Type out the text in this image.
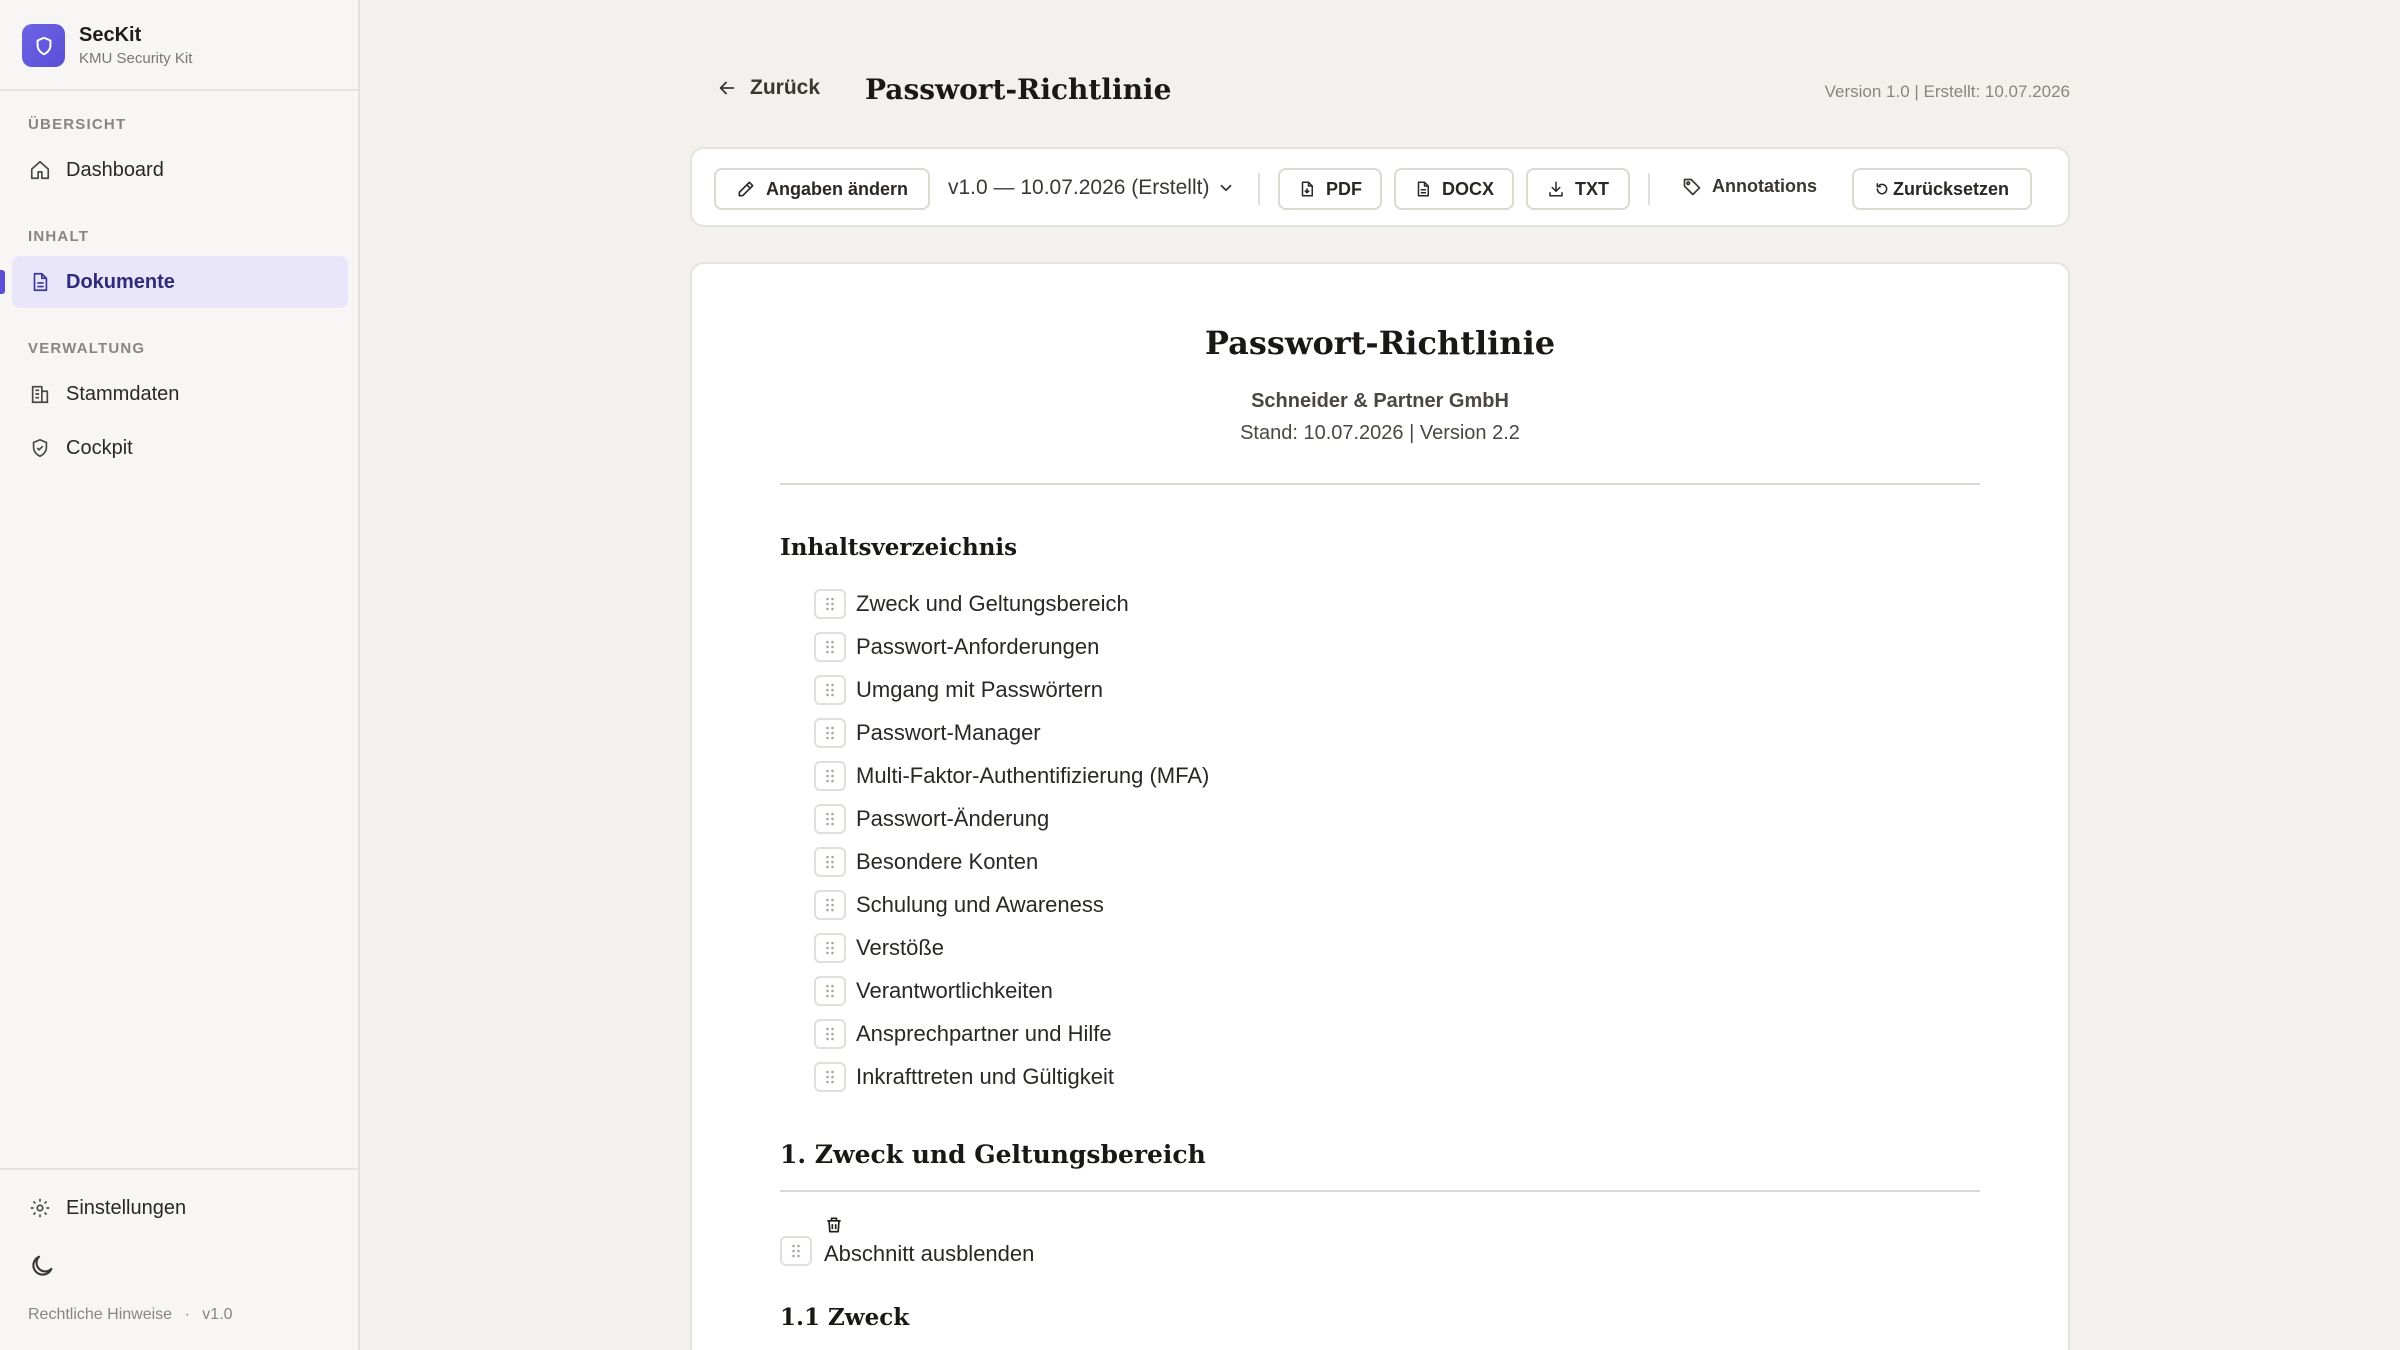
SecKit
KMU Security Kit
ÜBERSICHT
Dashboard
INHALT
Dokumente
VERWALTUNG
Stammdaten
Cockpit
Einstellungen
Rechtliche Hinweise · v1.0
Zurück Passwort-Richtlinie	Version 1.0 | Erstellt: 10.07.2026
Angaben ändern v1.0 — 10.07.2026 (Erstellt)	PDF	DOCX	TXT	Annotations	Zurücksetzen
Passwort-Richtlinie
Schneider & Partner GmbH
Stand: 10.07.2026 | Version 2.2
Inhaltsverzeichnis
Zweck und Geltungsbereich
Passwort-Anforderungen
Umgang mit Passwörtern
Passwort-Manager
Multi-Faktor-Authentifizierung (MFA)
Passwort-Änderung
Besondere Konten
Schulung und Awareness
Verstöße
Verantwortlichkeiten
Ansprechpartner und Hilfe
Inkrafttreten und Gültigkeit
1. Zweck und Geltungsbereich
Abschnitt ausblenden
1.1 Zweck
